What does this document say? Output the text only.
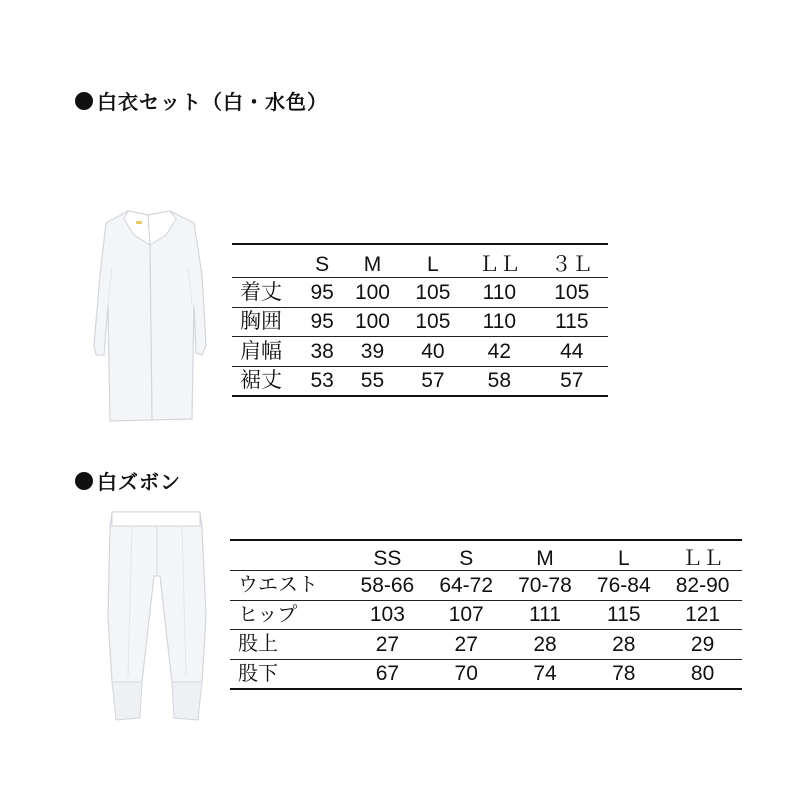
白衣セット（白・水色）
	S	M	L	ＬＬ	３Ｌ
着丈	95	100	105	110	105
胸囲	95	100	105	110	115
肩幅	38	39	40	42	44
裾丈	53	55	57	58	57
白ズボン
	SS	S	M	L	ＬＬ
ウエスト	58-66	64-72	70-78	76-84	82-90
ヒップ	103	107	111	115	121
股上	27	27	28	28	29
股下	67	70	74	78	80
